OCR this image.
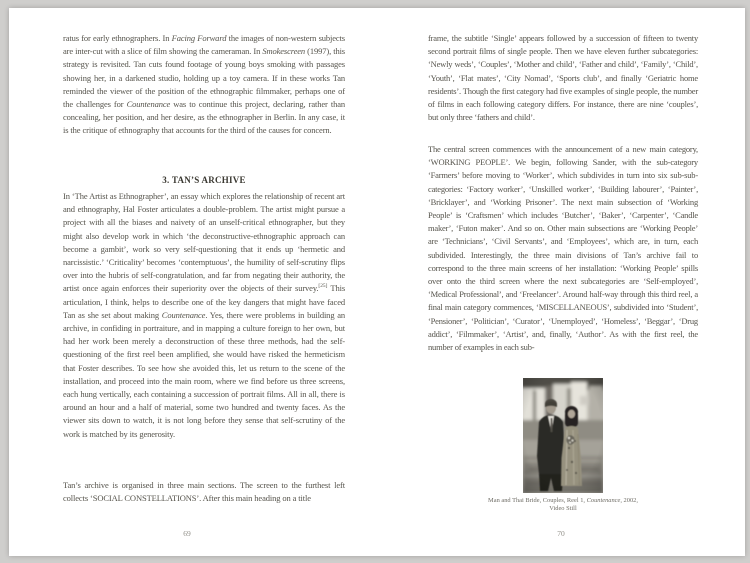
ratus for early ethnographers. In Facing Forward the images of non-western subjects are inter-cut with a slice of film showing the cameraman. In Smokescreen (1997), this strategy is revisited. Tan cuts found footage of young boys smoking with passages showing her, in a darkened studio, holding up a toy camera. If in these works Tan reminded the viewer of the position of the ethnographic filmmaker, perhaps one of the challenges for Countenance was to continue this project, declaring, rather than concealing, her position, and her desire, as the ethnographer in Berlin. In any case, it is the critique of ethnography that accounts for the third of the causes for concern.

3. TAN’S ARCHIVE

In ‘The Artist as Ethnographer’, an essay which explores the relationship of recent art and ethnography, Hal Foster articulates a double-problem. The artist might pursue a project with all the biases and naivety of an unself-critical ethnographer, but they might also develop work in which ‘the deconstructive-ethnographic approach can become a gambit’, work so very self-questioning that it ends up ‘hermetic and narcissistic.’ ‘Criticality’ becomes ‘contemptuous’, the humility of self-scrutiny flips over into the hubris of self-congratulation, and far from negating their authority, the artist once again enforces their superiority over the objects of their survey.[25] This articulation, I think, helps to describe one of the key dangers that might have faced Tan as she set about making Countenance. Yes, there were problems in building an archive, in confiding in portraiture, and in mapping a culture foreign to her own, but had her work been merely a deconstruction of these three methods, had the self-questioning of the first reel been amplified, she would have risked the hermeticism that Foster describes. To see how she avoided this, let us return to the scene of the installation, and proceed into the main room, where we find before us three screens, each hung vertically, each containing a succession of portrait films. All in all, there is around an hour and a half of material, some two hundred and twenty faces. As the viewer sits down to watch, it is not long before they sense that self-scrutiny of the work is matched by its generosity.

Tan’s archive is organised in three main sections. The screen to the furthest left collects ‘SOCIAL CONSTELLATIONS’. After this main heading on a title

69

frame, the subtitle ‘Single’ appears followed by a succession of fifteen to twenty second portrait films of single people. Then we have eleven further subcategories: ‘Newly weds’, ‘Couples’, ‘Mother and child’, ‘Father and child’, ‘Family’, ‘Child’, ‘Youth’, ‘Flat mates’, ‘City Nomad’, ‘Sports club’, and finally ‘Geriatric home residents’. Though the first category had five examples of single people, the number of films in each following category differs. For instance, there are nine ‘couples’, but only three ‘fathers and child’.

The central screen commences with the announcement of a new main category, ‘WORKING PEOPLE’. We begin, following Sander, with the sub-category ‘Farmers’ before moving to ‘Worker’, which subdivides in turn into six sub-sub-categories: ‘Factory worker’, ‘Unskilled worker’, ‘Building labourer’, ‘Painter’, ‘Bricklayer’, and ‘Working Prisoner’. The next main subsection of ‘Working People’ is ‘Craftsmen’ which includes ‘Butcher’, ‘Baker’, ‘Carpenter’, ‘Candle maker’, ‘Futon maker’. And so on. Other main subsections are ‘Working People’ are ‘Technicians’, ‘Civil Servants’, and ‘Employees’, which are, in turn, each subdivided. Interestingly, the three main divisions of Tan’s archive fail to correspond to the three main screens of her installation: ‘Working People’ spills over onto the third screen where the next subcategories are ‘Self-employed’, ‘Medical Professional’, and ‘Freelancer’. Around half-way through this third reel, a final main category commences, ‘MISCELLANEOUS’, subdivided into ‘Student’, ‘Pensioner’, ‘Politician’, ‘Curator’, ‘Unemployed’, ‘Homeless’, ‘Beggar’, ‘Drug addict’, ‘Filmmaker’, ‘Artist’, and, finally, ‘Author’. As with the first reel, the number of examples in each sub-

Man and Thai Bride, Couples, Reel 1, Countenance, 2002, Video Still
70
